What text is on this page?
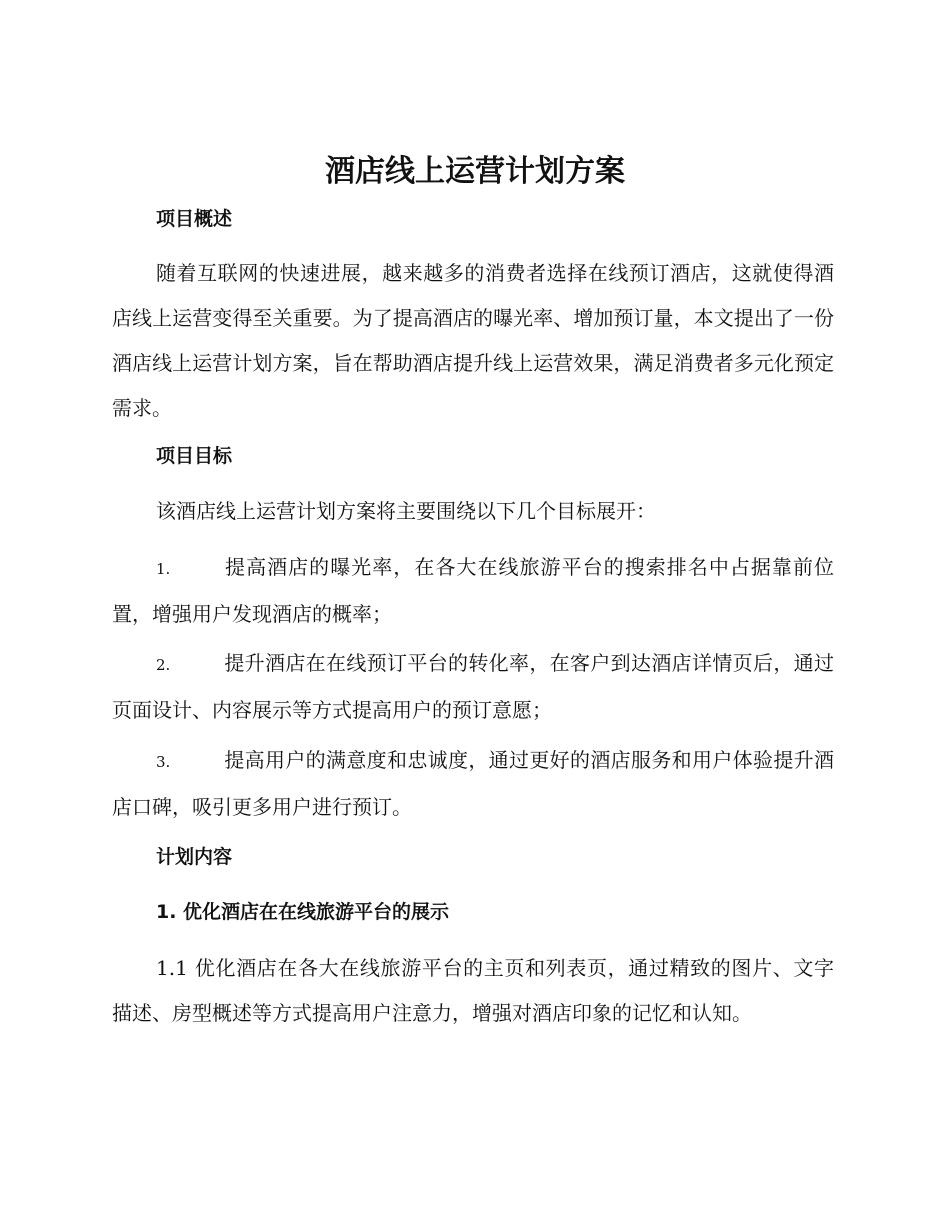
酒店线上运营计划方案
项目概述

随着互联网的快速进展，越来越多的消费者选择在线预订酒店，这就使得酒店线上运营变得至关重要。为了提高酒店的曝光率、增加预订量，本文提出了一份酒店线上运营计划方案，旨在帮助酒店提升线上运营效果，满足消费者多元化预定需求。

项目目标

该酒店线上运营计划方案将主要围绕以下几个目标展开：

1.	提高酒店的曝光率，在各大在线旅游平台的搜索排名中占据靠前位置，增强用户发现酒店的概率；

2.	提升酒店在在线预订平台的转化率，在客户到达酒店详情页后，通过页面设计、内容展示等方式提高用户的预订意愿；

3.	提高用户的满意度和忠诚度，通过更好的酒店服务和用户体验提升酒店口碑，吸引更多用户进行预订。

计划内容
1. 优化酒店在在线旅游平台的展示

1.1 优化酒店在各大在线旅游平台的主页和列表页，通过精致的图片、文字描述、房型概述等方式提高用户注意力，增强对酒店印象的记忆和认知。
